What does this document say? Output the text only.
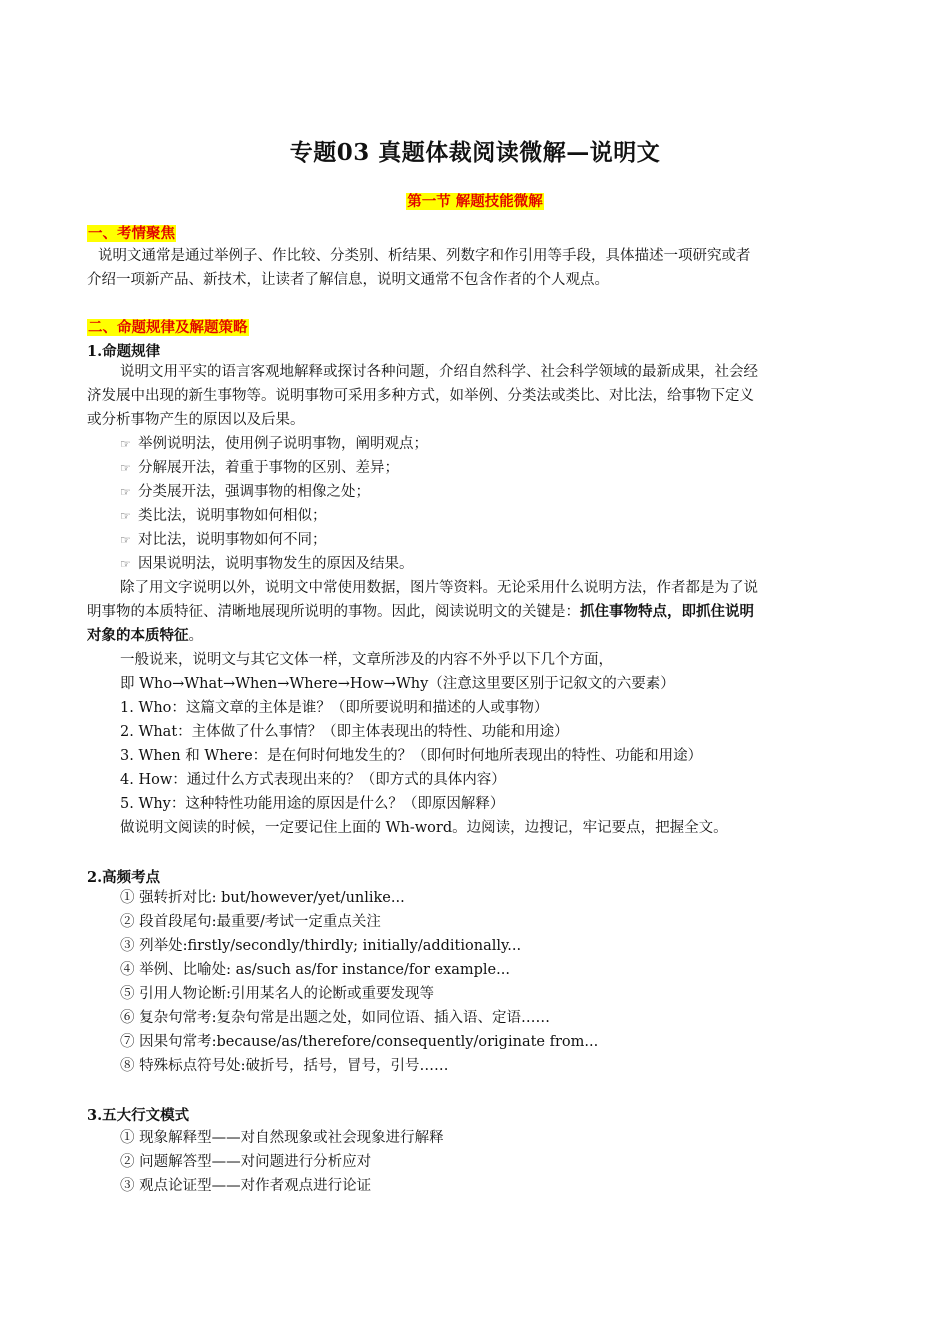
专题03 真题体裁阅读微解—说明文
第一节 解题技能微解
一、考情聚焦
说明文通常是通过举例子、作比较、分类别、析结果、列数字和作引用等手段，具体描述一项研究或者
介绍一项新产品、新技术，让读者了解信息，说明文通常不包含作者的个人观点。
二、命题规律及解题策略
1.命题规律
说明文用平实的语言客观地解释或探讨各种问题，介绍自然科学、社会科学领域的最新成果，社会经
济发展中出现的新生事物等。说明事物可采用多种方式，如举例、分类法或类比、对比法，给事物下定义
或分析事物产生的原因以及后果。
☞ 举例说明法，使用例子说明事物，阐明观点；
☞ 分解展开法，着重于事物的区别、差异；
☞ 分类展开法，强调事物的相像之处；
☞ 类比法，说明事物如何相似；
☞ 对比法，说明事物如何不同；
☞ 因果说明法，说明事物发生的原因及结果。
除了用文字说明以外，说明文中常使用数据，图片等资料。无论采用什么说明方法，作者都是为了说
明事物的本质特征、清晰地展现所说明的事物。因此，阅读说明文的关键是：抓住事物特点，即抓住说明
对象的本质特征。
一般说来，说明文与其它文体一样，文章所涉及的内容不外乎以下几个方面，
即 Who→What→When→Where→How→Why（注意这里要区别于记叙文的六要素）
1. Who：这篇文章的主体是谁？（即所要说明和描述的人或事物）
2. What：主体做了什么事情？（即主体表现出的特性、功能和用途）
3. When 和 Where：是在何时何地发生的？（即何时何地所表现出的特性、功能和用途）
4. How：通过什么方式表现出来的？（即方式的具体内容）
5. Why：这种特性功能用途的原因是什么？（即原因解释）
做说明文阅读的时候，一定要记住上面的 Wh-word。边阅读，边搜记，牢记要点，把握全文。
2.高频考点
① 强转折对比: but/however/yet/unlike...
② 段首段尾句:最重要/考试一定重点关注
③ 列举处:firstly/secondly/thirdly; initially/additionally...
④ 举例、比喻处: as/such as/for instance/for example...
⑤ 引用人物论断:引用某名人的论断或重要发现等
⑥ 复杂句常考:复杂句常是出题之处，如同位语、插入语、定语……
⑦ 因果句常考:because/as/therefore/consequently/originate from...
⑧ 特殊标点符号处:破折号，括号，冒号，引号……
3.五大行文模式
① 现象解释型——对自然现象或社会现象进行解释
② 问题解答型——对问题进行分析应对
③ 观点论证型——对作者观点进行论证
